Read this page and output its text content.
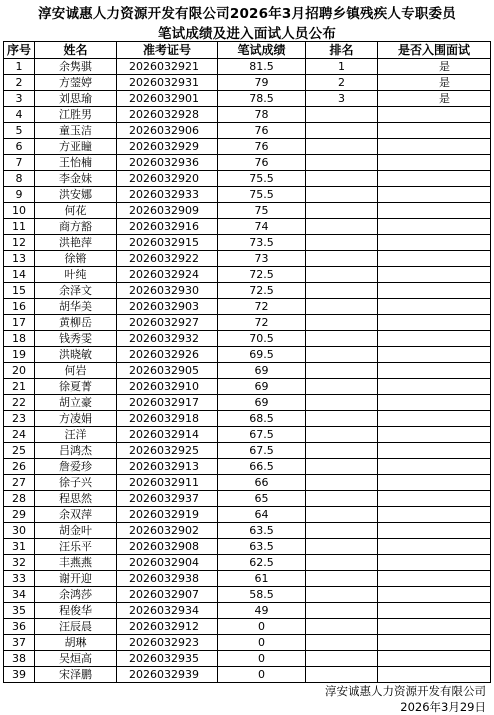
淳安诚惠人力资源开发有限公司2026年3月招聘乡镇残疾人专职委员
笔试成绩及进入面试人员公布
序号	姓名	准考证号	笔试成绩	排名	是否入围面试
1	余隽骐	2026032921	81.5	1	是
2	方蓥婷	2026032931	79	2	是
3	刘思瑜	2026032901	78.5	3	是
4	江胜男	2026032928	78		
5	童玉洁	2026032906	76		
6	方亚瞳	2026032929	76		
7	王怡楠	2026032936	76		
8	李金妹	2026032920	75.5		
9	洪安娜	2026032933	75.5		
10	何花	2026032909	75		
11	商方豁	2026032916	74		
12	洪艳萍	2026032915	73.5		
13	徐锵	2026032922	73		
14	叶纯	2026032924	72.5		
15	余泽文	2026032930	72.5		
16	胡华美	2026032903	72		
17	黄柳岳	2026032927	72		
18	钱秀雯	2026032932	70.5		
19	洪晓敏	2026032926	69.5		
20	何岩	2026032905	69		
21	徐夏菁	2026032910	69		
22	胡立豪	2026032917	69		
23	方凌娟	2026032918	68.5		
24	汪洋	2026032914	67.5		
25	吕鸿杰	2026032925	67.5		
26	詹爱珍	2026032913	66.5		
27	徐子兴	2026032911	66		
28	程思然	2026032937	65		
29	余双萍	2026032919	64		
30	胡金叶	2026032902	63.5		
31	汪乐平	2026032908	63.5		
32	丰燕燕	2026032904	62.5		
33	谢开迎	2026032938	61		
34	余鸿莎	2026032907	58.5		
35	程俊华	2026032934	49		
36	汪辰晨	2026032912	0		
37	胡琳	2026032923	0		
38	吴烜高	2026032935	0		
39	宋泽鹏	2026032939	0		
淳安诚惠人力资源开发有限公司
2026年3月29日
